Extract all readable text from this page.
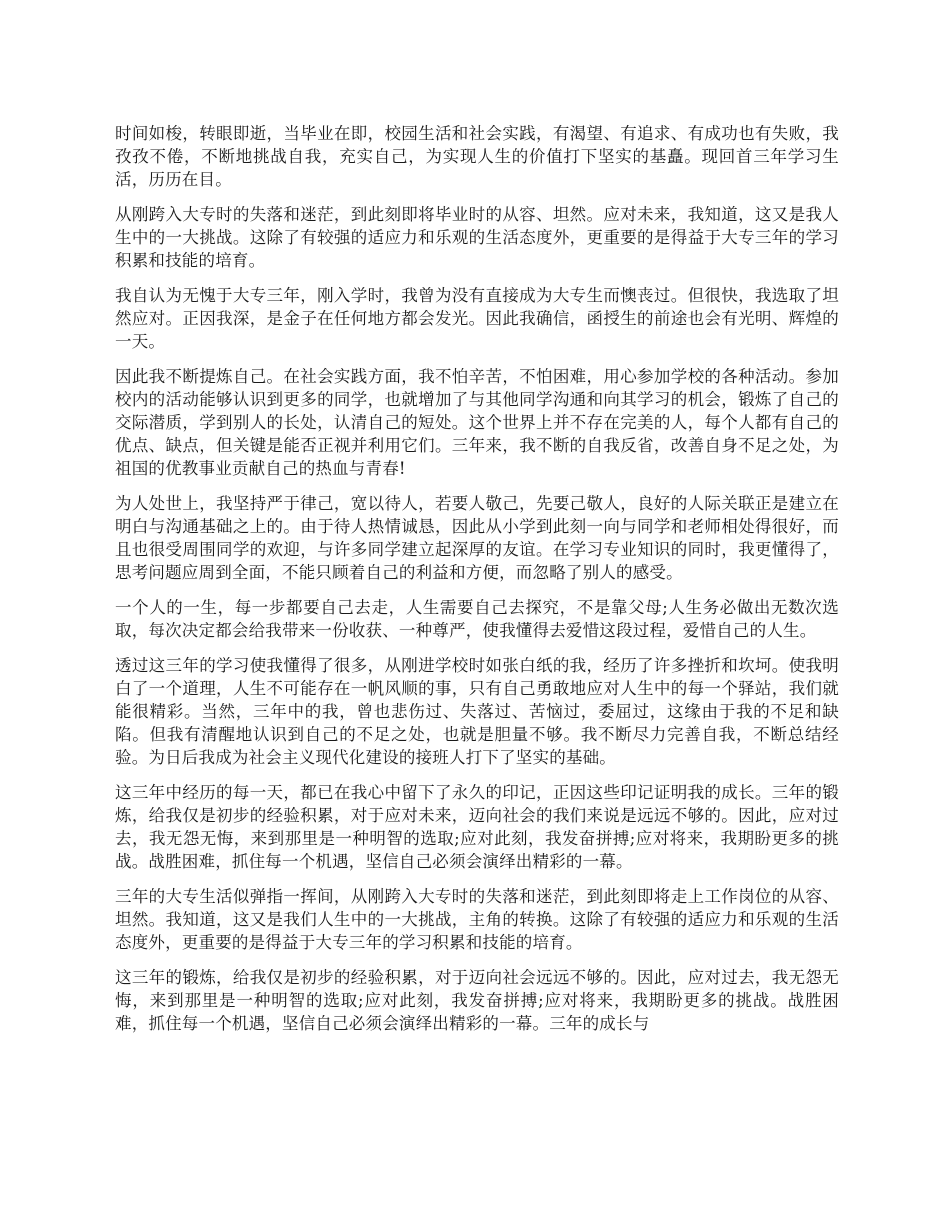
时间如梭，转眼即逝，当毕业在即，校园生活和社会实践，有渴望、有追求、有成功也有失败，我孜孜不倦，不断地挑战自我，充实自己，为实现人生的价值打下坚实的基矗。现回首三年学习生活，历历在目。

从刚跨入大专时的失落和迷茫，到此刻即将毕业时的从容、坦然。应对未来，我知道，这又是我人生中的一大挑战。这除了有较强的适应力和乐观的生活态度外，更重要的是得益于大专三年的学习积累和技能的培育。

我自认为无愧于大专三年，刚入学时，我曾为没有直接成为大专生而懊丧过。但很快，我选取了坦然应对。正因我深，是金子在任何地方都会发光。因此我确信，函授生的前途也会有光明、辉煌的一天。

因此我不断提炼自己。在社会实践方面，我不怕辛苦，不怕困难，用心参加学校的各种活动。参加校内的活动能够认识到更多的同学，也就增加了与其他同学沟通和向其学习的机会，锻炼了自己的交际潜质，学到别人的长处，认清自己的短处。这个世界上并不存在完美的人，每个人都有自己的优点、缺点，但关键是能否正视并利用它们。三年来，我不断的自我反省，改善自身不足之处，为祖国的优教事业贡献自己的热血与青春!

为人处世上，我坚持严于律己，宽以待人，若要人敬己，先要己敬人，良好的人际关联正是建立在明白与沟通基础之上的。由于待人热情诚恳，因此从小学到此刻一向与同学和老师相处得很好，而且也很受周围同学的欢迎，与许多同学建立起深厚的友谊。在学习专业知识的同时，我更懂得了，思考问题应周到全面，不能只顾着自己的利益和方便，而忽略了别人的感受。

一个人的一生，每一步都要自己去走，人生需要自己去探究，不是靠父母;人生务必做出无数次选取，每次决定都会给我带来一份收获、一种尊严，使我懂得去爱惜这段过程，爱惜自己的人生。

透过这三年的学习使我懂得了很多，从刚进学校时如张白纸的我，经历了许多挫折和坎坷。使我明白了一个道理，人生不可能存在一帆风顺的事，只有自己勇敢地应对人生中的每一个驿站，我们就能很精彩。当然，三年中的我，曾也悲伤过、失落过、苦恼过，委屈过，这缘由于我的不足和缺陷。但我有清醒地认识到自己的不足之处，也就是胆量不够。我不断尽力完善自我，不断总结经验。为日后我成为社会主义现代化建设的接班人打下了坚实的基础。

这三年中经历的每一天，都已在我心中留下了永久的印记，正因这些印记证明我的成长。三年的锻炼，给我仅是初步的经验积累，对于应对未来，迈向社会的我们来说是远远不够的。因此，应对过去，我无怨无悔，来到那里是一种明智的选取;应对此刻，我发奋拼搏;应对将来，我期盼更多的挑战。战胜困难，抓住每一个机遇，坚信自己必须会演绎出精彩的一幕。

三年的大专生活似弹指一挥间，从刚跨入大专时的失落和迷茫，到此刻即将走上工作岗位的从容、坦然。我知道，这又是我们人生中的一大挑战，主角的转换。这除了有较强的适应力和乐观的生活态度外，更重要的是得益于大专三年的学习积累和技能的培育。

这三年的锻炼，给我仅是初步的经验积累，对于迈向社会远远不够的。因此，应对过去，我无怨无悔，来到那里是一种明智的选取;应对此刻，我发奋拼搏;应对将来，我期盼更多的挑战。战胜困难，抓住每一个机遇，坚信自己必须会演绎出精彩的一幕。三年的成长与
